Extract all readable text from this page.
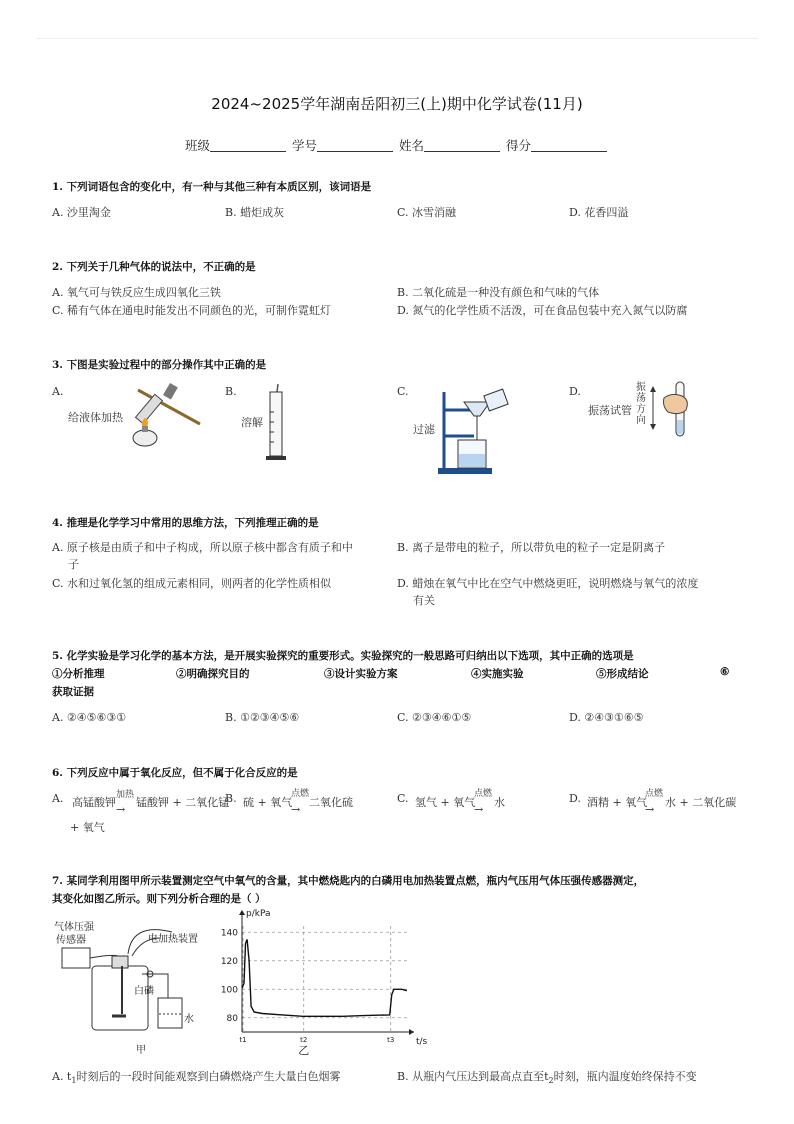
2024~2025学年湖南岳阳初三(上)期中化学试卷(11月)
班级	学号	姓名	得分
1. 下列词语包含的变化中，有一种与其他三种有本质区别，该词语是
A. 沙里淘金	B. 蜡炬成灰	C. 冰雪消融	D. 花香四溢
2. 下列关于几种气体的说法中，不正确的是
A. 氧气可与铁反应生成四氧化三铁	B. 二氧化硫是一种没有颜色和气味的气体
C. 稀有气体在通电时能发出不同颜色的光，可制作霓虹灯	D. 氮气的化学性质不活泼，可在食品包装中充入氮气以防腐
3. 下图是实验过程中的部分操作其中正确的是
A.	B.	C.	D.
给液体加热	溶解
过滤
振荡试管
振荡方向
4. 推理是化学学习中常用的思维方法，下列推理正确的是
A. 原子核是由质子和中子构成，所以原子核中都含有质子和中
子
B. 离子是带电的粒子，所以带负电的粒子一定是阴离子
C. 水和过氧化氢的组成元素相同，则两者的化学性质相似	D. 蜡烛在氧气中比在空气中燃烧更旺，说明燃烧与氧气的浓度
有关
5. 化学实验是学习化学的基本方法，是开展实验探究的重要形式。实验探究的一般思路可归纳出以下选项，其中正确的选项是
①分析推理	②明确探究目的	③设计实验方案	④实施实验	⑤形成结论	⑥
获取证据
A. ②④⑤⑥③①	B. ①②③④⑤⑥	C. ②③④⑥①⑤	D. ②④③①⑥⑤
6. 下列反应中属于氧化反应，但不属于化合反应的是
A. 高锰酸钾
加热
→
锰酸钾 + 二氧化锰
+ 氧气
B. 硫 + 氧气
点燃
→
二氧化硫	C. 氢气 + 氧气
点燃
→
水	D. 酒精 + 氧气
点燃
→
水 + 二氧化碳
7. 某同学利用图甲所示装置测定空气中氧气的含量，其中燃烧匙内的白磷用电加热装置点燃，瓶内气压用气体压强传感器测定，
其变化如图乙所示。则下列分析合理的是（ ）
气体压强
传感器	电加热装置
白磷
水
甲
80
100
120
140
t1	t2	t3
p/kPa
t/s
乙
A. $t_1$时刻后的一段时间能观察到白磷燃烧产生大量白色烟雾	B. 从瓶内气压达到最高点直至$t_2$时刻，瓶内温度始终保持不变
